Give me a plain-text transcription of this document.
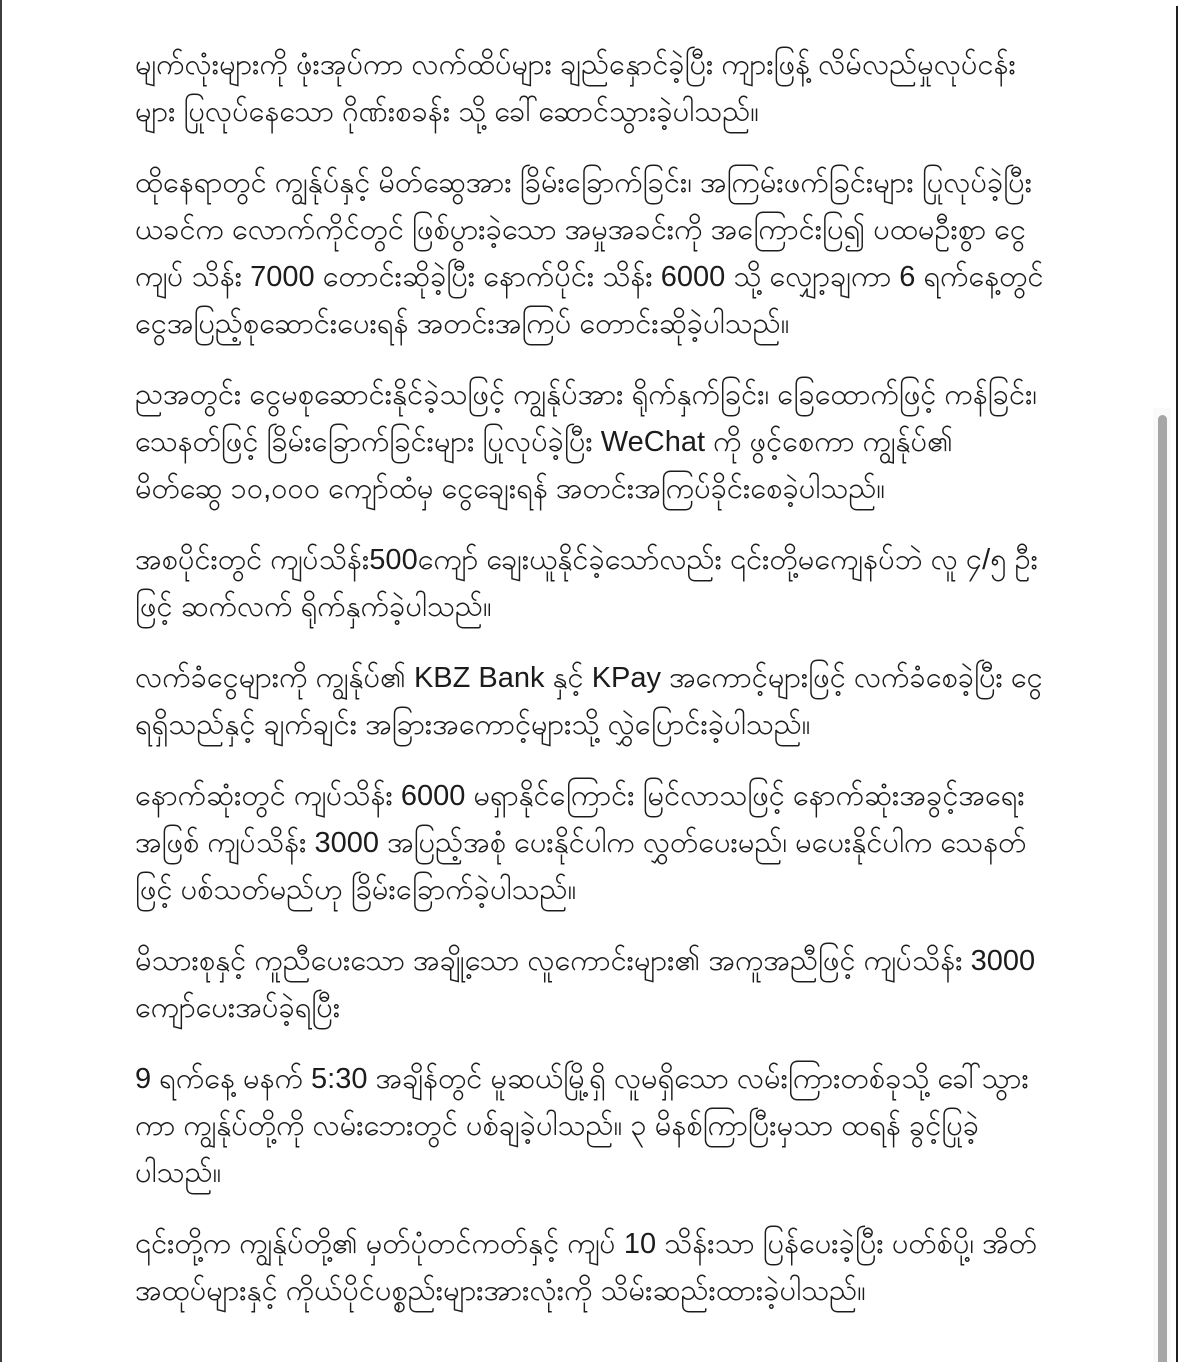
မျက်လုံးများကို ဖုံးအုပ်ကာ လက်ထိပ်များ ချည်နှောင်ခဲ့ပြီး ကျားဖြန့် လိမ်လည်မှုလုပ်ငန်းများ ပြုလုပ်နေသော ဂိုဏ်းစခန်း သို့ ခေါ်ဆောင်သွားခဲ့ပါသည်။

ထိုနေရာတွင် ကျွန်ုပ်နှင့် မိတ်ဆွေအား ခြိမ်းခြောက်ခြင်း၊ အကြမ်းဖက်ခြင်းများ ပြုလုပ်ခဲ့ပြီး ယခင်က လောက်ကိုင်တွင် ဖြစ်ပွားခဲ့သော အမှုအခင်းကို အကြောင်းပြ၍ ပထမဦးစွာ ငွေကျပ် သိန်း 7000 တောင်းဆိုခဲ့ပြီး နောက်ပိုင်း သိန်း 6000 သို့ လျှော့ချကာ 6 ရက်နေ့တွင် ငွေအပြည့်စုဆောင်းပေးရန် အတင်းအကြပ် တောင်းဆိုခဲ့ပါသည်။

ညအတွင်း ငွေမစုဆောင်းနိုင်ခဲ့သဖြင့် ကျွန်ုပ်အား ရိုက်နှက်ခြင်း၊ ခြေထောက်ဖြင့် ကန်ခြင်း၊ သေနတ်ဖြင့် ခြိမ်းခြောက်ခြင်းများ ပြုလုပ်ခဲ့ပြီး WeChat ကို ဖွင့်စေကာ ကျွန်ုပ်၏ မိတ်ဆွေ ၁၀,၀၀၀ ကျော်ထံမှ ငွေချေးရန် အတင်းအကြပ်ခိုင်းစေခဲ့ပါသည်။

အစပိုင်းတွင် ကျပ်သိန်း500ကျော် ချေးယူနိုင်ခဲ့သော်လည်း ၎င်းတို့မကျေနပ်ဘဲ လူ ၄/၅ ဦးဖြင့် ဆက်လက် ရိုက်နှက်ခဲ့ပါသည်။

လက်ခံငွေများကို ကျွန်ုပ်၏ KBZ Bank နှင့် KPay အကောင့်များဖြင့် လက်ခံစေခဲ့ပြီး ငွေရရှိသည်နှင့် ချက်ချင်း အခြားအကောင့်များသို့ လွှဲပြောင်းခဲ့ပါသည်။

နောက်ဆုံးတွင် ကျပ်သိန်း 6000 မရှာနိုင်ကြောင်း မြင်လာသဖြင့် နောက်ဆုံးအခွင့်အရေးအဖြစ် ကျပ်သိန်း 3000 အပြည့်အစုံ ပေးနိုင်ပါက လွှတ်ပေးမည်၊ မပေးနိုင်ပါက သေနတ်ဖြင့် ပစ်သတ်မည်ဟု ခြိမ်းခြောက်ခဲ့ပါသည်။

မိသားစုနှင့် ကူညီပေးသော အချို့သော လူကောင်းများ၏ အကူအညီဖြင့် ကျပ်သိန်း 3000 ကျော်ပေးအပ်ခဲ့ရပြီး

9 ရက်နေ့ မနက် 5:30 အချိန်တွင် မူဆယ်မြို့ရှိ လူမရှိသော လမ်းကြားတစ်ခုသို့ ခေါ်သွားကာ ကျွန်ုပ်တို့ကို လမ်းဘေးတွင် ပစ်ချခဲ့ပါသည်။ ၃ မိနစ်ကြာပြီးမှသာ ထရန် ခွင့်ပြုခဲ့ပါသည်။

၎င်းတို့က ကျွန်ုပ်တို့၏ မှတ်ပုံတင်ကတ်နှင့် ကျပ် 10 သိန်းသာ ပြန်ပေးခဲ့ပြီး ပတ်စ်ပို့၊ အိတ်အထုပ်များနှင့် ကိုယ်ပိုင်ပစ္စည်းများအားလုံးကို သိမ်းဆည်းထားခဲ့ပါသည်။
